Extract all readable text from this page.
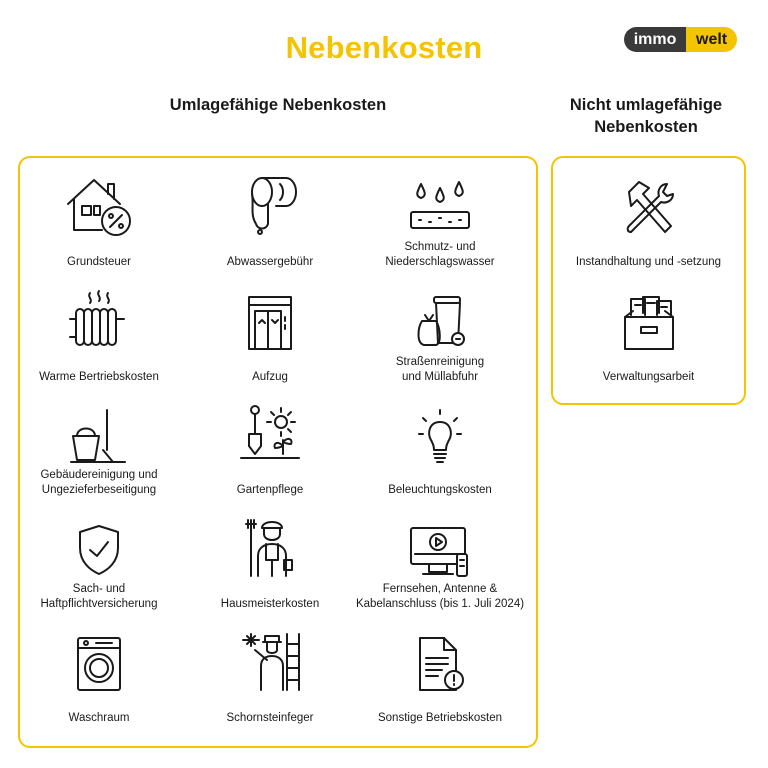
Nebenkosten	immo	welt
Umlagefähige Nebenkosten	Nicht umlagefähige
Nebenkosten
Grundsteuer	Abwassergebühr
Schmutz- und
Niederschlagswasser
Warme Bertriebskosten	Aufzug
Straßenreinigung
und Müllabfuhr
Gebäudereinigung und
Ungezieferbeseitigung	Gartenpflege	Beleuchtungskosten
Sach- und
Haftpflichtversicherung	Hausmeisterkosten
Fernsehen, Antenne &
Kabelanschluss (bis 1. Juli 2024)
Waschraum	Schornsteinfeger	Sonstige Betriebskosten
Instandhaltung und -setzung
Verwaltungsarbeit
